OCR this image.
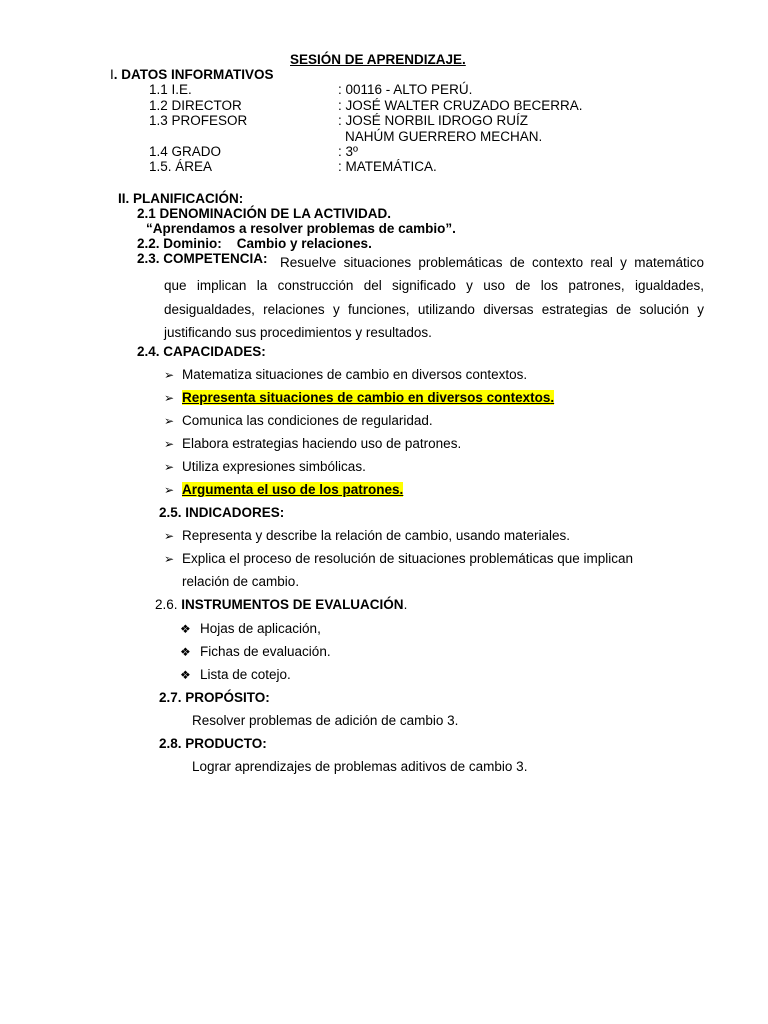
SESIÓN DE APRENDIZAJE.
I. DATOS INFORMATIVOS
1.1 I.E.	: 00116 - ALTO PERÚ.
1.2 DIRECTOR	: JOSÉ WALTER CRUZADO BECERRA.
1.3 PROFESOR	: JOSÉ NORBIL IDROGO RUÍZ
NAHÚM GUERRERO MECHAN.
1.4 GRADO	: 3º
1.5. ÁREA	: MATEMÁTICA.
II. PLANIFICACIÓN:
2.1 DENOMINACIÓN DE LA ACTIVIDAD.
“Aprendamos a resolver problemas de cambio”.
2.2. Dominio: Cambio y relaciones.
2.3. COMPETENCIA: Resuelve situaciones problemáticas de contexto real y matemático
que implican la construcción del significado y uso de los patrones, igualdades,
desigualdades, relaciones y funciones, utilizando diversas estrategias de solución y
justificando sus procedimientos y resultados.
2.4. CAPACIDADES:
➢ Matematiza situaciones de cambio en diversos contextos.
➢ Representa situaciones de cambio en diversos contextos.
➢ Comunica las condiciones de regularidad.
➢ Elabora estrategias haciendo uso de patrones.
➢ Utiliza expresiones simbólicas.
➢ Argumenta el uso de los patrones.
2.5. INDICADORES:
➢ Representa y describe la relación de cambio, usando materiales.
➢ Explica el proceso de resolución de situaciones problemáticas que implican
relación de cambio.
2.6. INSTRUMENTOS DE EVALUACIÓN.
❖ Hojas de aplicación,
❖ Fichas de evaluación.
❖ Lista de cotejo.
2.7. PROPÓSITO:
Resolver problemas de adición de cambio 3.
2.8. PRODUCTO:
Lograr aprendizajes de problemas aditivos de cambio 3.
